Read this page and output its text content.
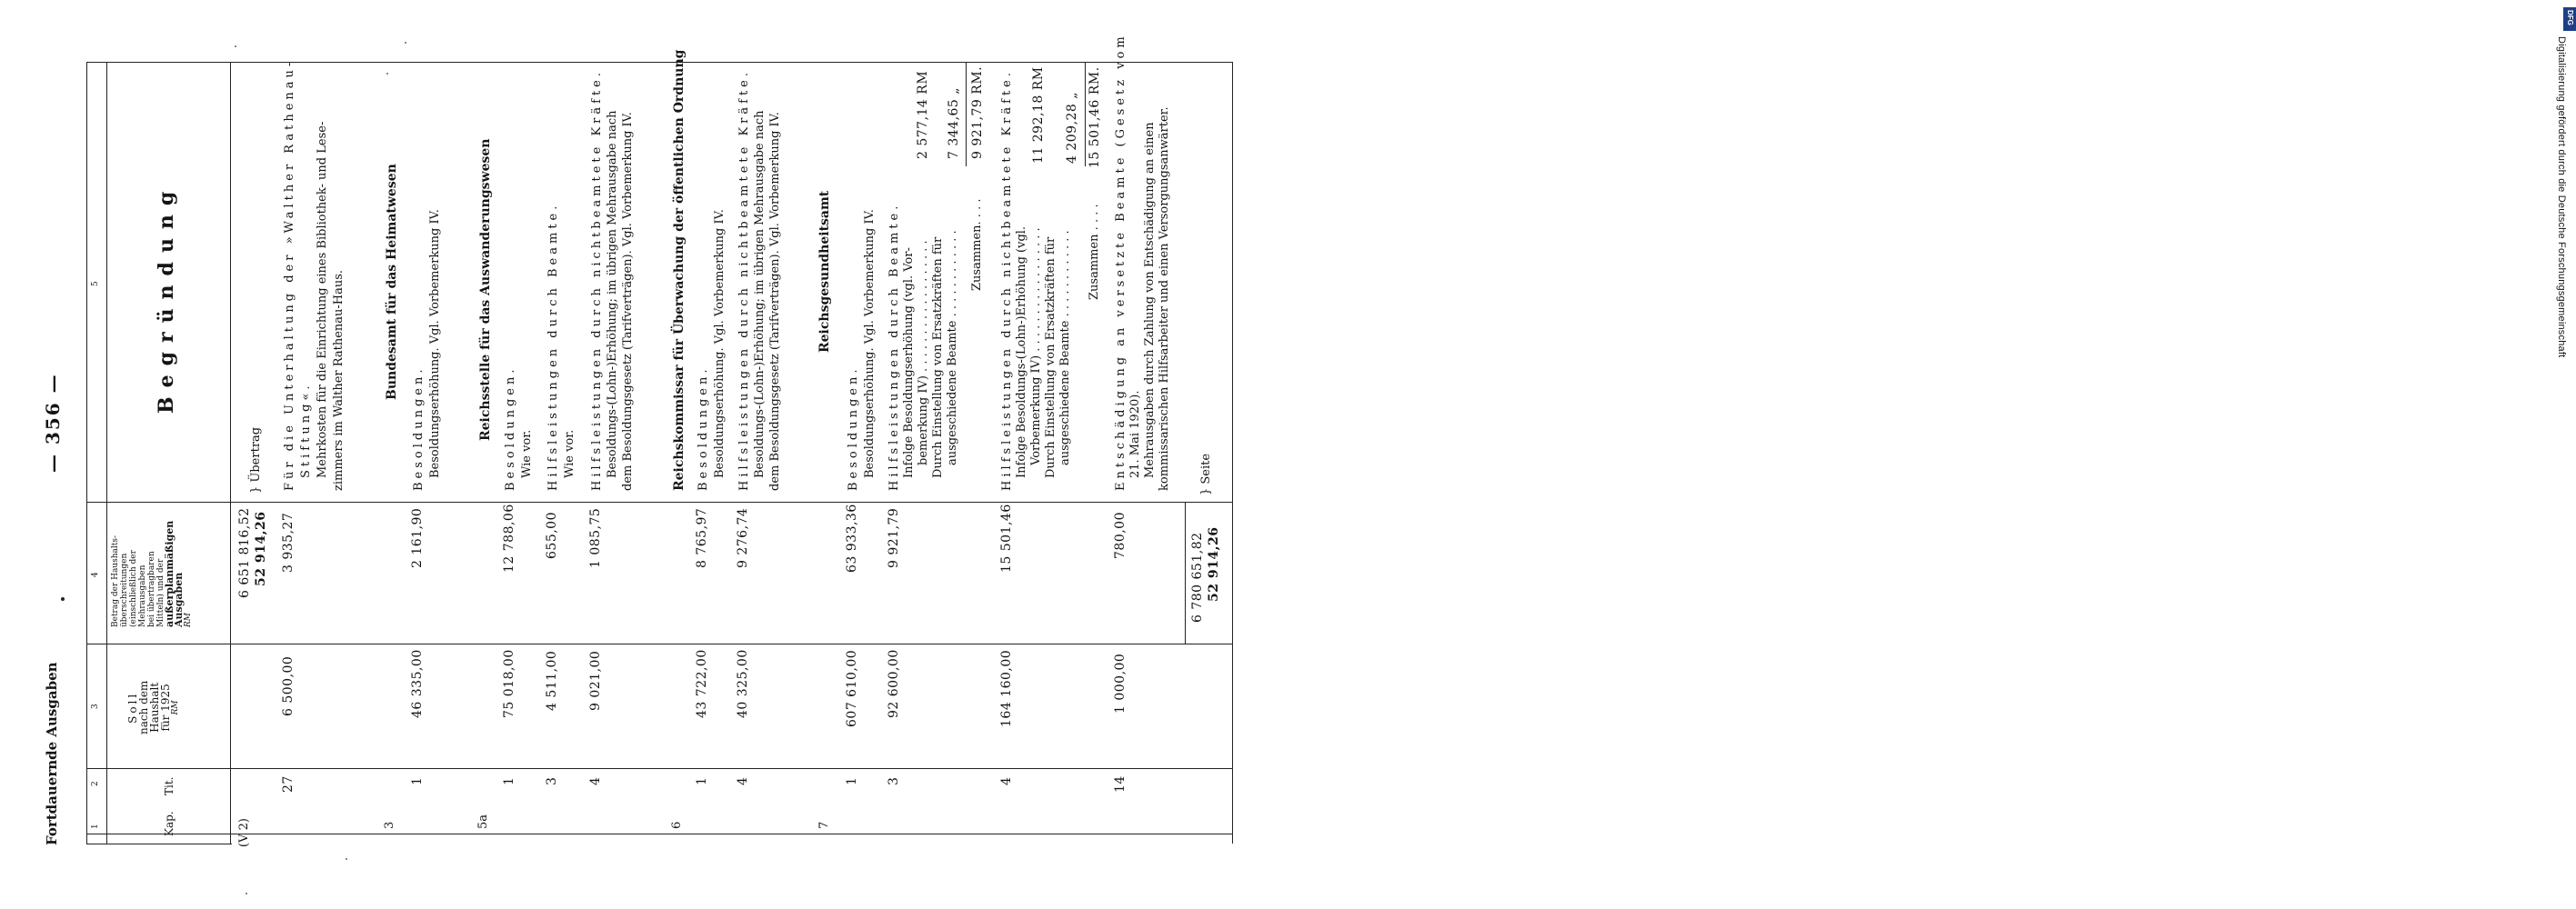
Fortdauernde Ausgaben
— 356 —
1
2
3
4
5
Kap.
Tit.
Soll
nach dem
Haushalt
für 1925 RM
Betrag der Haushalts- überschreitungen (einschließlich der Mehrausgaben bei übertragbaren Mitteln) und der
außerplanmäßigen
Ausgaben RM
Begründung
(V 2)
6 651 816,52 52 914,26
} Übertrag
27
6 500,00
3 935,27
Für die Unterhaltung der »Walther Rathenau- Stiftung«. Mehrkosten für die Einrichtung eines Bibliothek- und Lese- zimmers im Walther Rathenau-Haus.
3
Bundesamt für das Heimatwesen
1
46 335,00
2 161,90
Besoldungen. Besoldungserhöhung. Vgl. Vorbemerkung IV.
5a
Reichsstelle für das Auswanderungswesen
1
75 018,00
12 788,06
Besoldungen. Wie vor.
3
4 511,00
655,00
Hilfsleistungen durch Beamte. Wie vor.
4
9 021,00
1 085,75
Hilfsleistungen durch nichtbeamtete Kräfte. Besoldungs-(Lohn-)Erhöhung; im übrigen Mehrausgabe nach dem Besoldungsgesetz (Tarifverträgen). Vgl. Vorbemerkung IV.
6
Reichskommissar für Überwachung der öffentlichen Ordnung
1
43 722,00
8 765,97
Besoldungen. Besoldungserhöhung. Vgl. Vorbemerkung IV.
4
40 325,00
9 276,74
Hilfsleistungen durch nichtbeamtete Kräfte. Besoldungs-(Lohn-)Erhöhung; im übrigen Mehrausgabe nach dem Besoldungsgesetz (Tarifverträgen). Vgl. Vorbemerkung IV.
7
Reichsgesundheitsamt
1
607 610,00
63 933,36
Besoldungen. Besoldungserhöhung. Vgl. Vorbemerkung IV.
3
92 600,00
9 921,79
Hilfsleistungen durch Beamte. Infolge Besoldungserhöhung (vgl. Vor- bemerkung IV) . . . . . . . . . . . . . . . . . . Durch Einstellung von Ersatzkräften für ausgeschiedene Beamte . . . . . . . . . . . .
2 577,14 RM 7 344,65 „
Zusammen. . . .
9 921,79 RM.
4
164 160,00
15 501,46
Hilfsleistungen durch nichtbeamtete Kräfte. Infolge Besoldungs-(Lohn-)Erhöhung (vgl. Vorbemerkung IV) . . . . . . . . . . . . . . . . . Durch Einstellung von Ersatzkräften für ausgeschiedene Beamte . . . . . . . . . . . .
11 292,18 RM 4 209,28 „
Zusammen . . . .
15 501,46 RM.
14
1 000,00
780,00
Entschädigung an versetzte Beamte (Gesetz vom 21. Mai 1920). Mehrausgaben durch Zahlung von Entschädigung an einen kommissarischen Hilfsarbeiter und einen Versorgungsanwärter.
6 780 651,82 52 914,26
} Seite
DFG
Digitalisierung gefördert durch die Deutsche Forschungsgemeinschaft
